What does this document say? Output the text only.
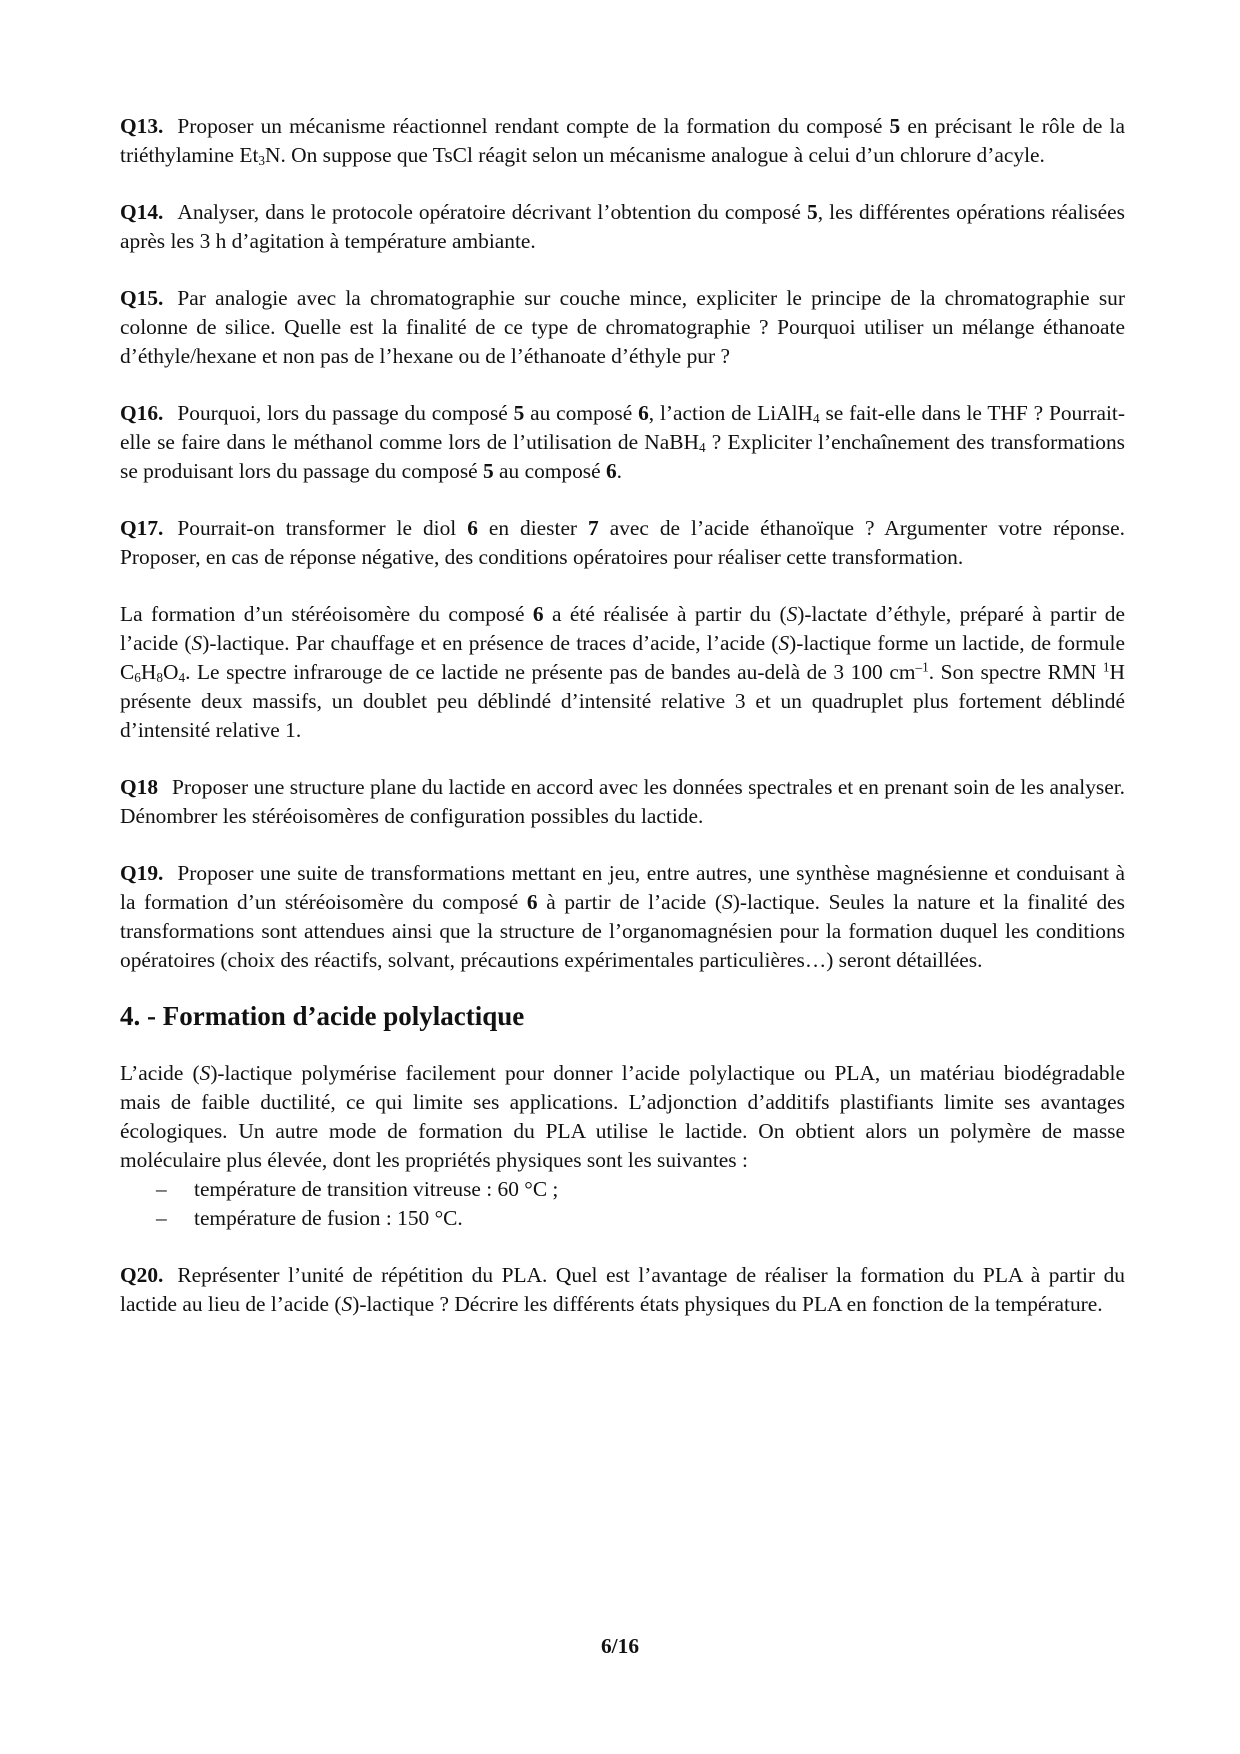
Q13. Proposer un mécanisme réactionnel rendant compte de la formation du composé 5 en précisant le rôle de la triéthylamine $Et_3N$. On suppose que TsCl réagit selon un mécanisme analogue à celui d’un chlorure d’acyle.

Q14. Analyser, dans le protocole opératoire décrivant l’obtention du composé 5, les différentes opérations réalisées après les 3 h d’agitation à température ambiante.

Q15. Par analogie avec la chromatographie sur couche mince, expliciter le principe de la chromatographie sur colonne de silice. Quelle est la finalité de ce type de chromatographie ? Pourquoi utiliser un mélange éthanoate d’éthyle/hexane et non pas de l’hexane ou de l’éthanoate d’éthyle pur ?

Q16. Pourquoi, lors du passage du composé 5 au composé 6, l’action de LiAlH$_4$ se fait-elle dans le THF ? Pourrait-elle se faire dans le méthanol comme lors de l’utilisation de NaBH$_4$ ? Expliciter l’enchaînement des transformations se produisant lors du passage du composé 5 au composé 6.

Q17. Pourrait-on transformer le diol 6 en diester 7 avec de l’acide éthanoïque ? Argumenter votre réponse. Proposer, en cas de réponse négative, des conditions opératoires pour réaliser cette transformation.

La formation d’un stéréoisomère du composé 6 a été réalisée à partir du (S)-lactate d’éthyle, préparé à partir de l’acide (S)-lactique. Par chauffage et en présence de traces d’acide, l’acide (S)-lactique forme un lactide, de formule $C_6H_8O_4$. Le spectre infrarouge de ce lactide ne présente pas de bandes au-delà de 3 100 $cm^{-1}$. Son spectre RMN $^1$H présente deux massifs, un doublet peu déblindé d’intensité relative 3 et un quadruplet plus fortement déblindé d’intensité relative 1.

Q18 Proposer une structure plane du lactide en accord avec les données spectrales et en prenant soin de les analyser. Dénombrer les stéréoisomères de configuration possibles du lactide.

Q19. Proposer une suite de transformations mettant en jeu, entre autres, une synthèse magnésienne et conduisant à la formation d’un stéréoisomère du composé 6 à partir de l’acide (S)-lactique. Seules la nature et la finalité des transformations sont attendues ainsi que la structure de l’organomagnésien pour la formation duquel les conditions opératoires (choix des réactifs, solvant, précautions expérimentales particulières…) seront détaillées.

4. - Formation d’acide polylactique

L’acide (S)-lactique polymérise facilement pour donner l’acide polylactique ou PLA, un matériau biodégradable mais de faible ductilité, ce qui limite ses applications. L’adjonction d’additifs plastifiants limite ses avantages écologiques. Un autre mode de formation du PLA utilise le lactide. On obtient alors un polymère de masse moléculaire plus élevée, dont les propriétés physiques sont les suivantes :

– température de transition vitreuse : 60 °C ;
– température de fusion : 150 °C.

Q20. Représenter l’unité de répétition du PLA. Quel est l’avantage de réaliser la formation du PLA à partir du lactide au lieu de l’acide (S)-lactique ? Décrire les différents états physiques du PLA en fonction de la température.

6/16
